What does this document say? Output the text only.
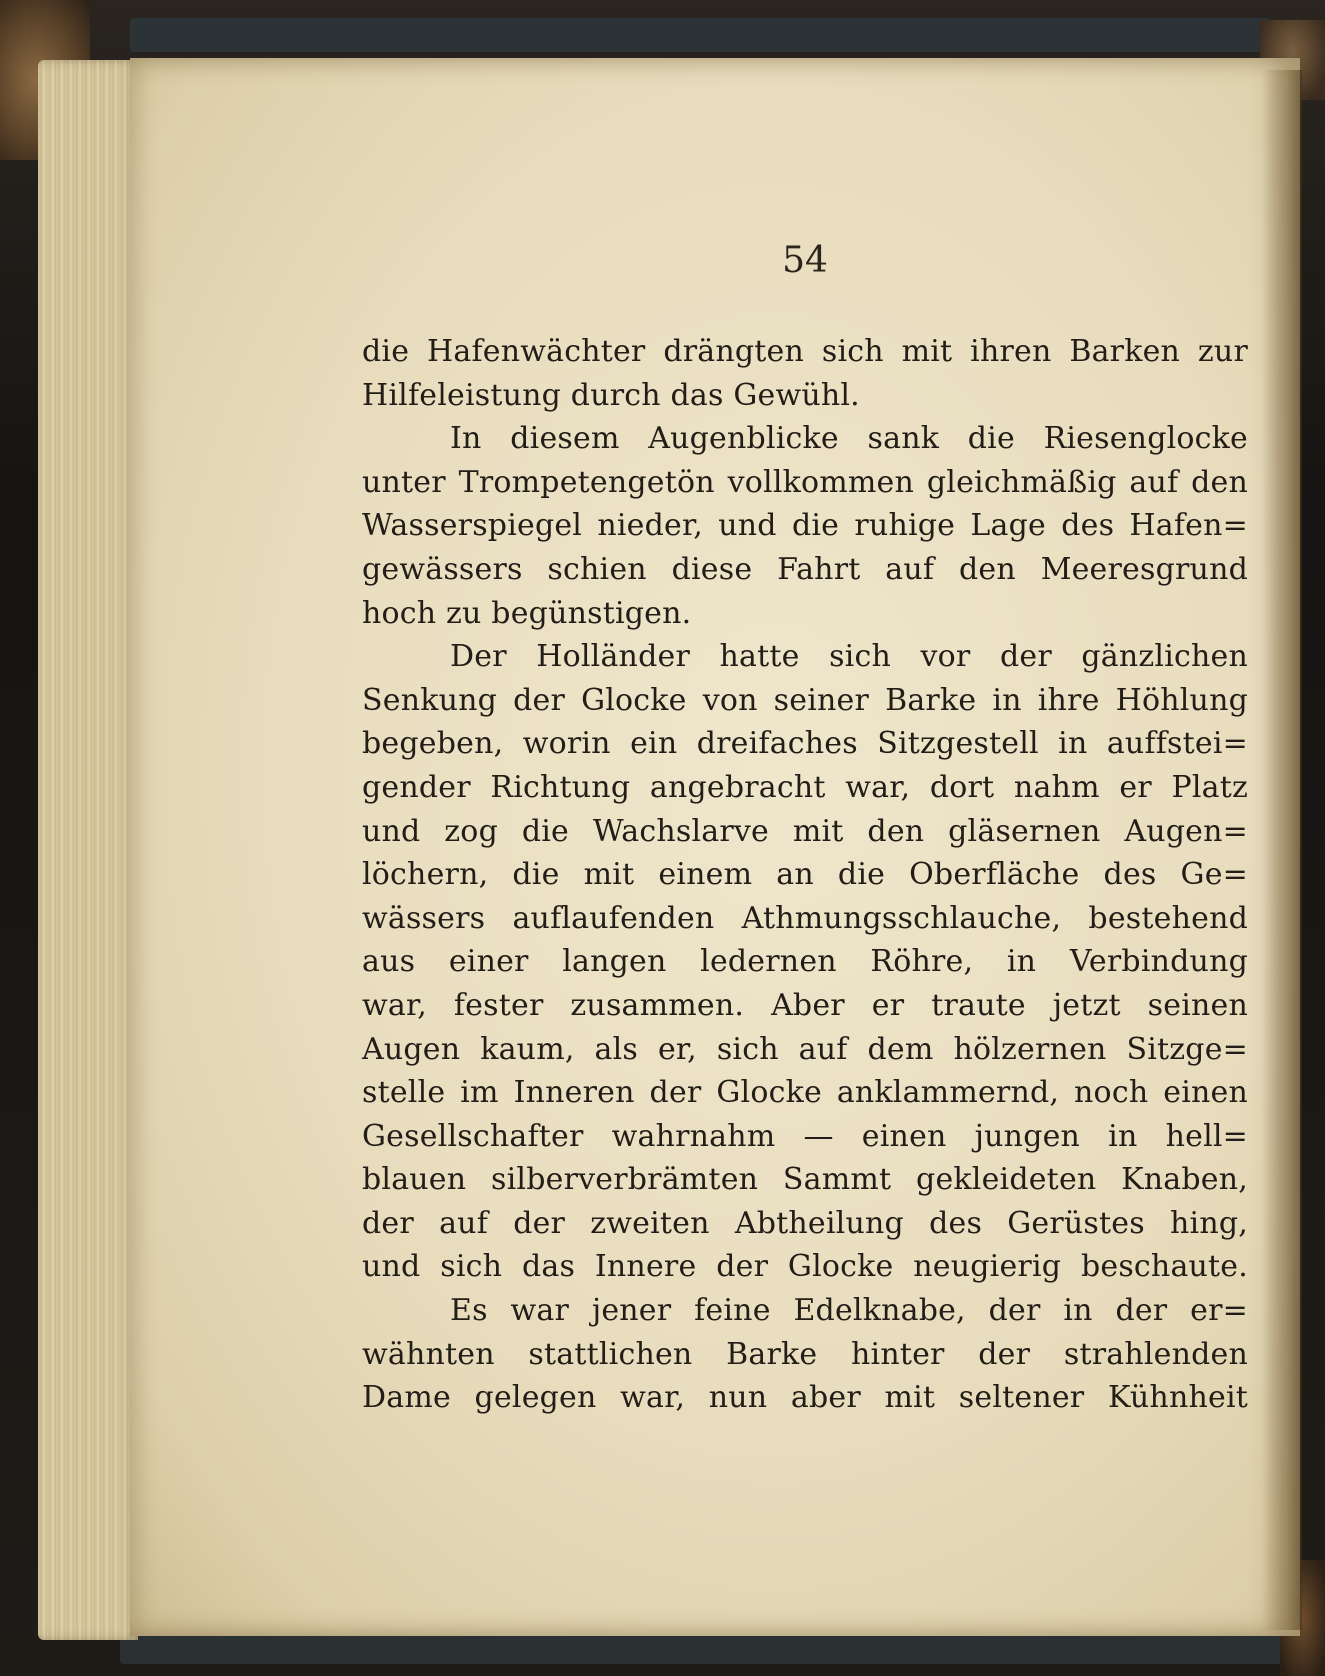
54
die Hafenwächter drängten sich mit ihren Barken zur
Hilfeleistung durch das Gewühl.
In diesem Augenblicke sank die Riesenglocke
unter Trompetengetön vollkommen gleichmäßig auf den
Wasserspiegel nieder, und die ruhige Lage des Hafen=
gewässers schien diese Fahrt auf den Meeresgrund
hoch zu begünstigen.
Der Holländer hatte sich vor der gänzlichen
Senkung der Glocke von seiner Barke in ihre Höhlung
begeben, worin ein dreifaches Sitzgestell in auffstei=
gender Richtung angebracht war, dort nahm er Platz
und zog die Wachslarve mit den gläsernen Augen=
löchern, die mit einem an die Oberfläche des Ge=
wässers auflaufenden Athmungsschlauche, bestehend
aus einer langen ledernen Röhre, in Verbindung
war, fester zusammen. Aber er traute jetzt seinen
Augen kaum, als er, sich auf dem hölzernen Sitzge=
stelle im Inneren der Glocke anklammernd, noch einen
Gesellschafter wahrnahm — einen jungen in hell=
blauen silberverbrämten Sammt gekleideten Knaben,
der auf der zweiten Abtheilung des Gerüstes hing,
und sich das Innere der Glocke neugierig beschaute.
Es war jener feine Edelknabe, der in der er=
wähnten stattlichen Barke hinter der strahlenden
Dame gelegen war, nun aber mit seltener Kühnheit
